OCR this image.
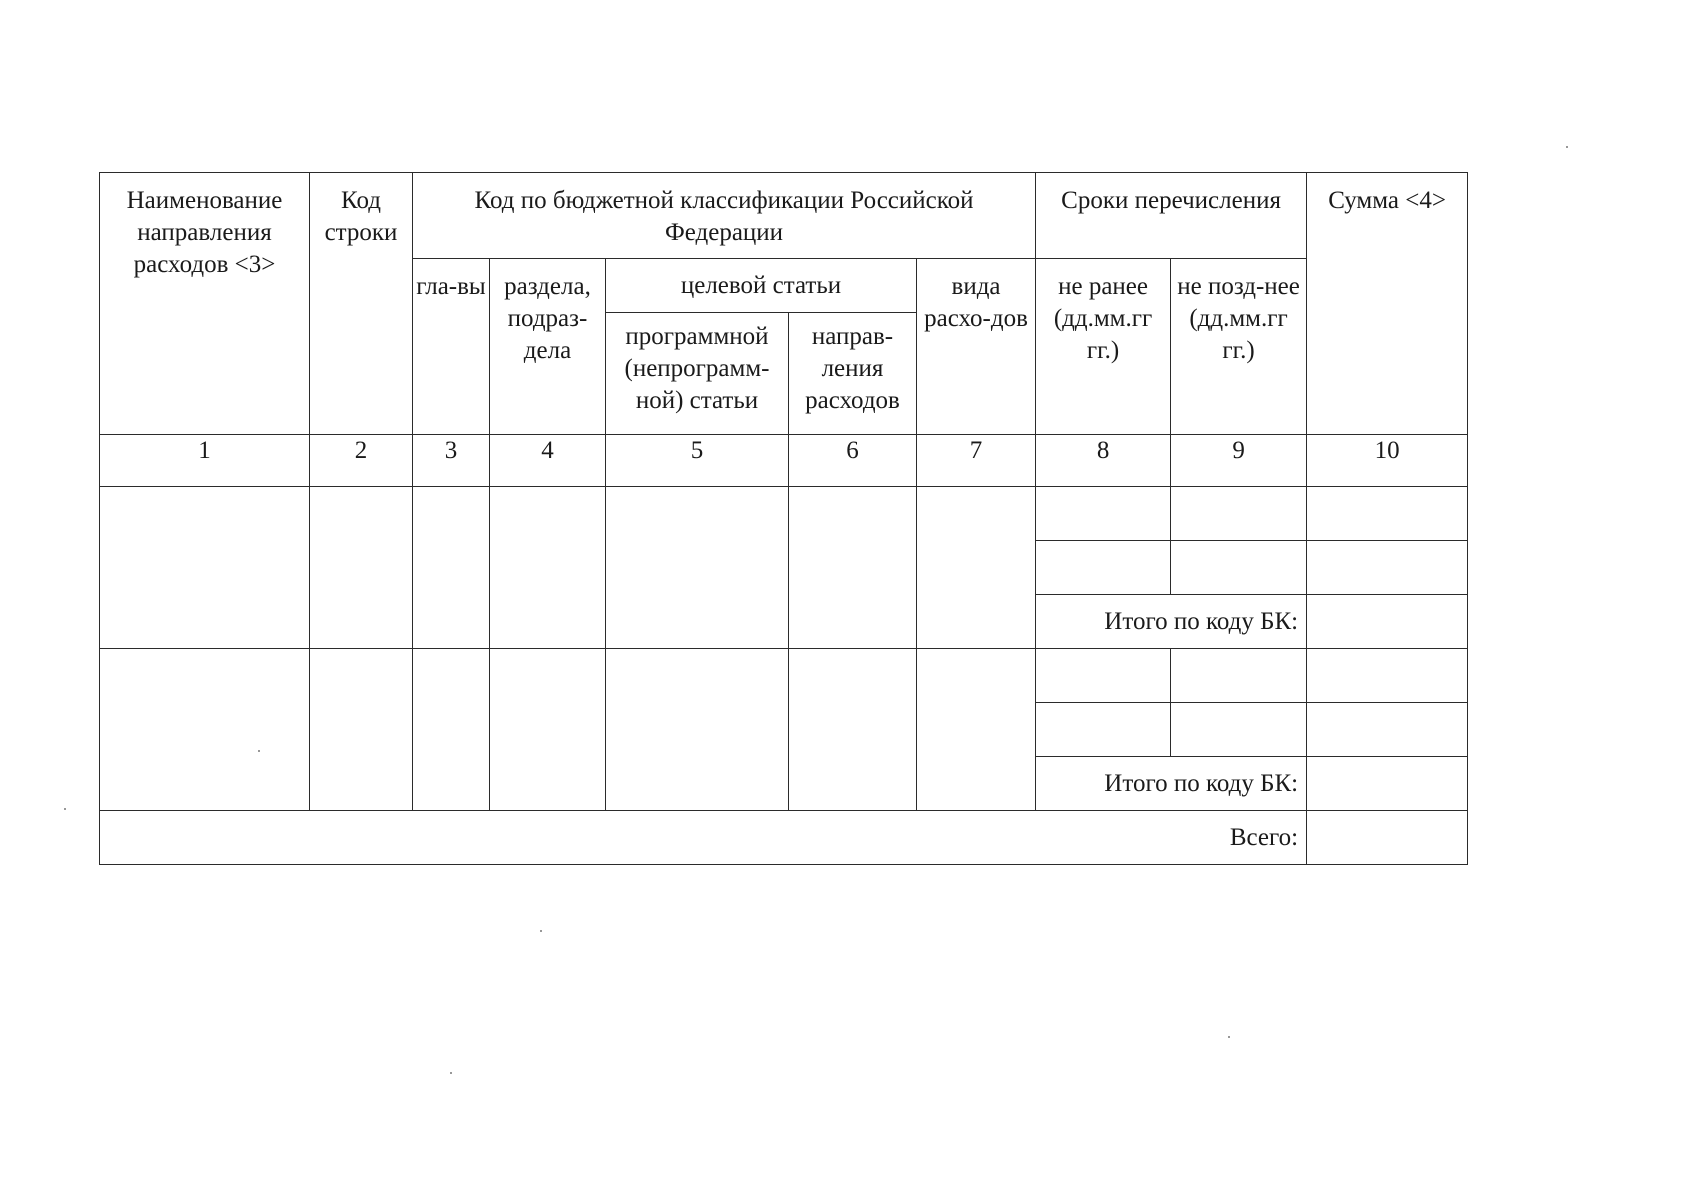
Наименование направления расходов <3>	Код строки	Код по бюджетной классификации Российской Федерации					Сроки перечисления		Сумма <4>
		гла-вы	раздела, подраз-дела	целевой статьи		вида расхо-дов	не ранее (дд.мм.гг гг.)	не позд-нее (дд.мм.гг гг.)	
				программной (непрограмм-ной) статьи	направ-ления расходов				
1	2	3	4	5	6	7	8	9	10

							Итого по коду БК:		

							Итого по коду БК:		
Всего:									
